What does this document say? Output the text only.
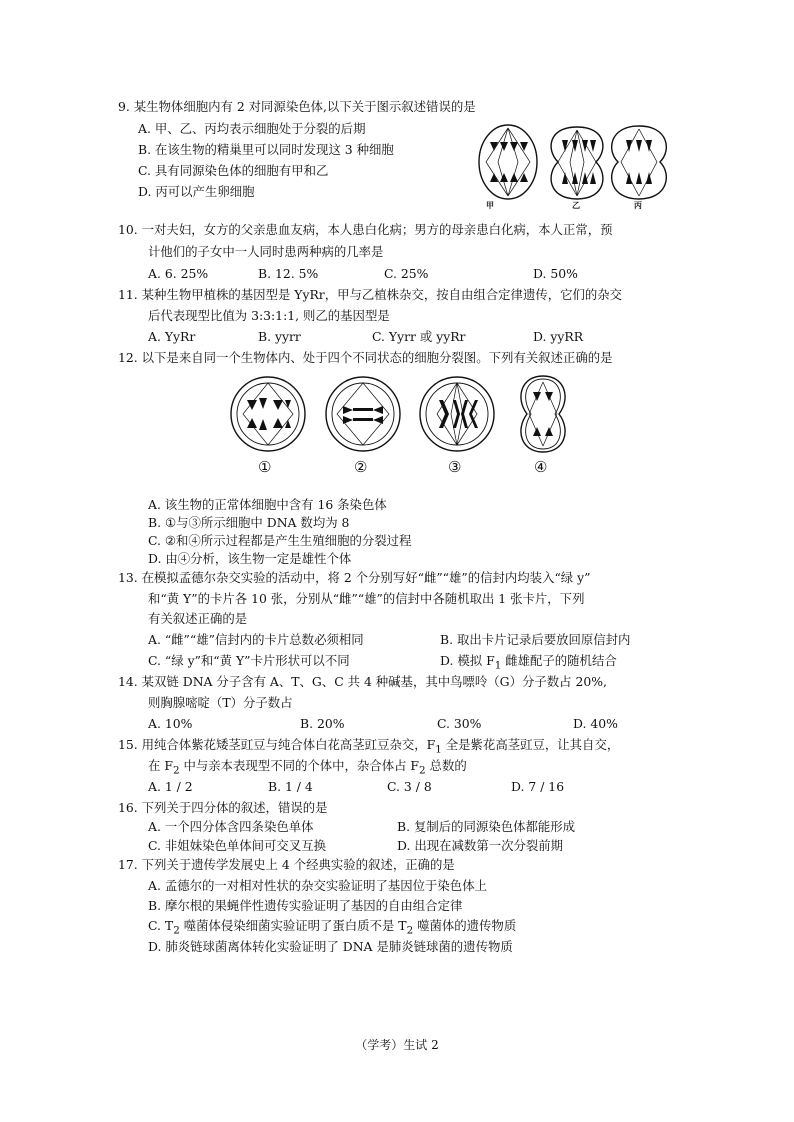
9. 某生物体细胞内有 2 对同源染色体,以下关于图示叙述错误的是
A. 甲、乙、丙均表示细胞处于分裂的后期
B. 在该生物的精巢里可以同时发现这 3 种细胞
C. 具有同源染色体的细胞有甲和乙
D. 丙可以产生卵细胞
甲	乙	丙
10. 一对夫妇，女方的父亲患血友病，本人患白化病；男方的母亲患白化病，本人正常，预
计他们的子女中一人同时患两种病的几率是
A. 6. 25%	B. 12. 5%	C. 25%	D. 50%
11. 某种生物甲植株的基因型是 YyRr，甲与乙植株杂交，按自由组合定律遗传，它们的杂交
后代表现型比值为 3:3:1:1, 则乙的基因型是
A. YyRr	B. yyrr	C. Yyrr 或 yyRr	D. yyRR
12. 以下是来自同一个生物体内、处于四个不同状态的细胞分裂图。下列有关叙述正确的是
①	②	③	④
A. 该生物的正常体细胞中含有 16 条染色体
B. ①与③所示细胞中 DNA 数均为 8
C. ②和④所示过程都是产生生殖细胞的分裂过程
D. 由④分析，该生物一定是雄性个体
13. 在模拟孟德尔杂交实验的活动中，将 2 个分别写好“雌”“雄”的信封内均装入“绿 y”
和“黄 Y”的卡片各 10 张，分别从“雌”“雄”的信封中各随机取出 1 张卡片，下列
有关叙述正确的是
A. “雌”“雄”信封内的卡片总数必须相同	B. 取出卡片记录后要放回原信封内
C. “绿 y”和“黄 Y”卡片形状可以不同	D. 模拟 $F_1$ 雌雄配子的随机结合
14. 某双链 DNA 分子含有 A、T、G、C 共 4 种碱基，其中鸟嘌呤（G）分子数占 20%,
则胸腺嘧啶（T）分子数占
A. 10%	B. 20%	C. 30%	D. 40%
15. 用纯合体紫花矮茎豇豆与纯合体白花高茎豇豆杂交，$F_1$ 全是紫花高茎豇豆，让其自交，
在 $F_2$ 中与亲本表现型不同的个体中，杂合体占 $F_2$ 总数的
A. 1 / 2	B. 1 / 4	C. 3 / 8	D. 7 / 16
16. 下列关于四分体的叙述，错误的是
A. 一个四分体含四条染色单体	B. 复制后的同源染色体都能形成
C. 非姐妹染色单体间可交叉互换	D. 出现在减数第一次分裂前期
17. 下列关于遗传学发展史上 4 个经典实验的叙述，正确的是
A. 孟德尔的一对相对性状的杂交实验证明了基因位于染色体上
B. 摩尔根的果蝇伴性遗传实验证明了基因的自由组合定律
C. $T_2$ 噬菌体侵染细菌实验证明了蛋白质不是 $T_2$ 噬菌体的遗传物质
D. 肺炎链球菌离体转化实验证明了 DNA 是肺炎链球菌的遗传物质
（学考）生试 2
